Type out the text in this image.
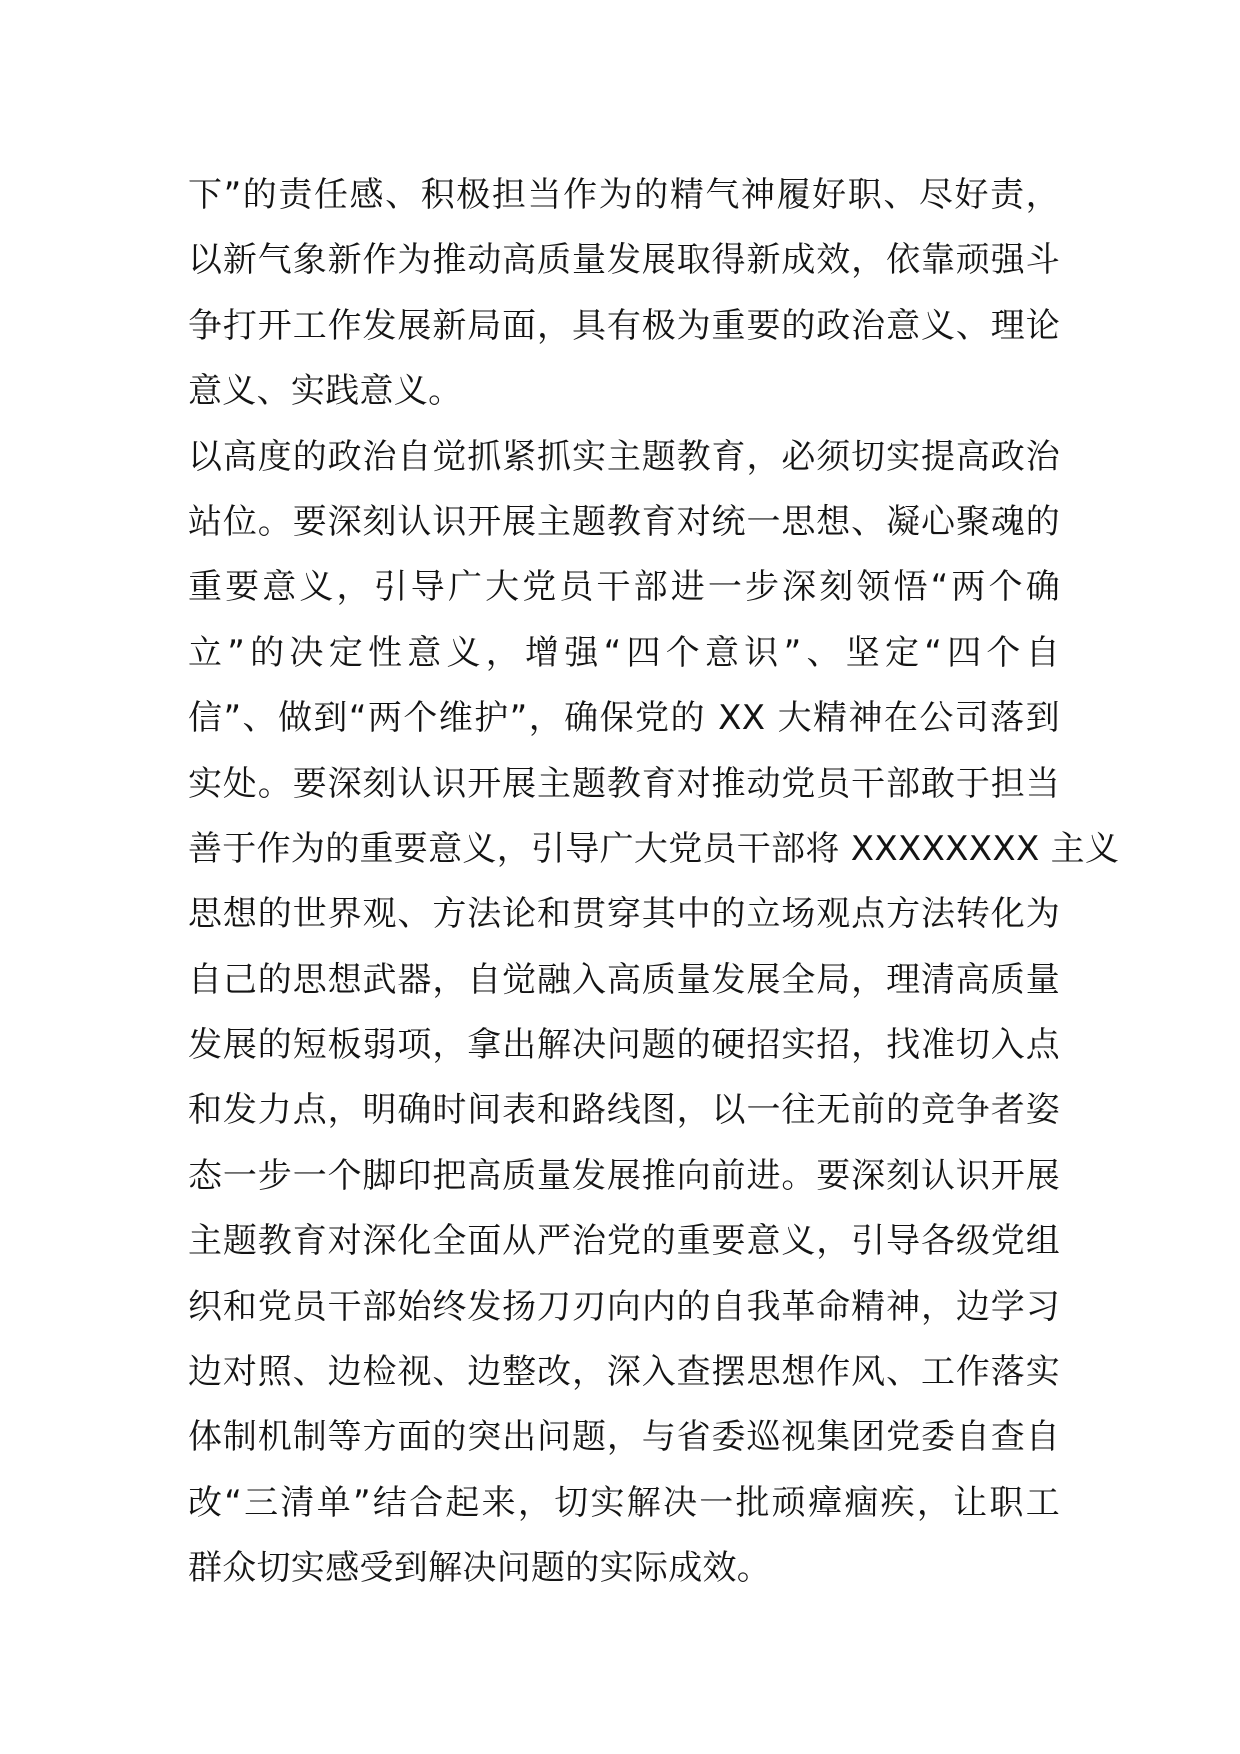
下”的责任感、积极担当作为的精气神履好职、尽好责，
以新气象新作为推动高质量发展取得新成效，依靠顽强斗
争打开工作发展新局面，具有极为重要的政治意义、理论
意义、实践意义。
以高度的政治自觉抓紧抓实主题教育，必须切实提高政治
站位。要深刻认识开展主题教育对统一思想、凝心聚魂的
重要意义，引导广大党员干部进一步深刻领悟“两个确
立”的决定性意义，增强“四个意识”、坚定“四个自
信”、做到“两个维护”，确保党的 XX 大精神在公司落到
实处。要深刻认识开展主题教育对推动党员干部敢于担当
善于作为的重要意义，引导广大党员干部将 XXXXXXXX 主义
思想的世界观、方法论和贯穿其中的立场观点方法转化为
自己的思想武器，自觉融入高质量发展全局，理清高质量
发展的短板弱项，拿出解决问题的硬招实招，找准切入点
和发力点，明确时间表和路线图，以一往无前的竞争者姿
态一步一个脚印把高质量发展推向前进。要深刻认识开展
主题教育对深化全面从严治党的重要意义，引导各级党组
织和党员干部始终发扬刀刃向内的自我革命精神，边学习
边对照、边检视、边整改，深入查摆思想作风、工作落实
体制机制等方面的突出问题，与省委巡视集团党委自查自
改“三清单”结合起来，切实解决一批顽瘴痼疾，让职工
群众切实感受到解决问题的实际成效。
